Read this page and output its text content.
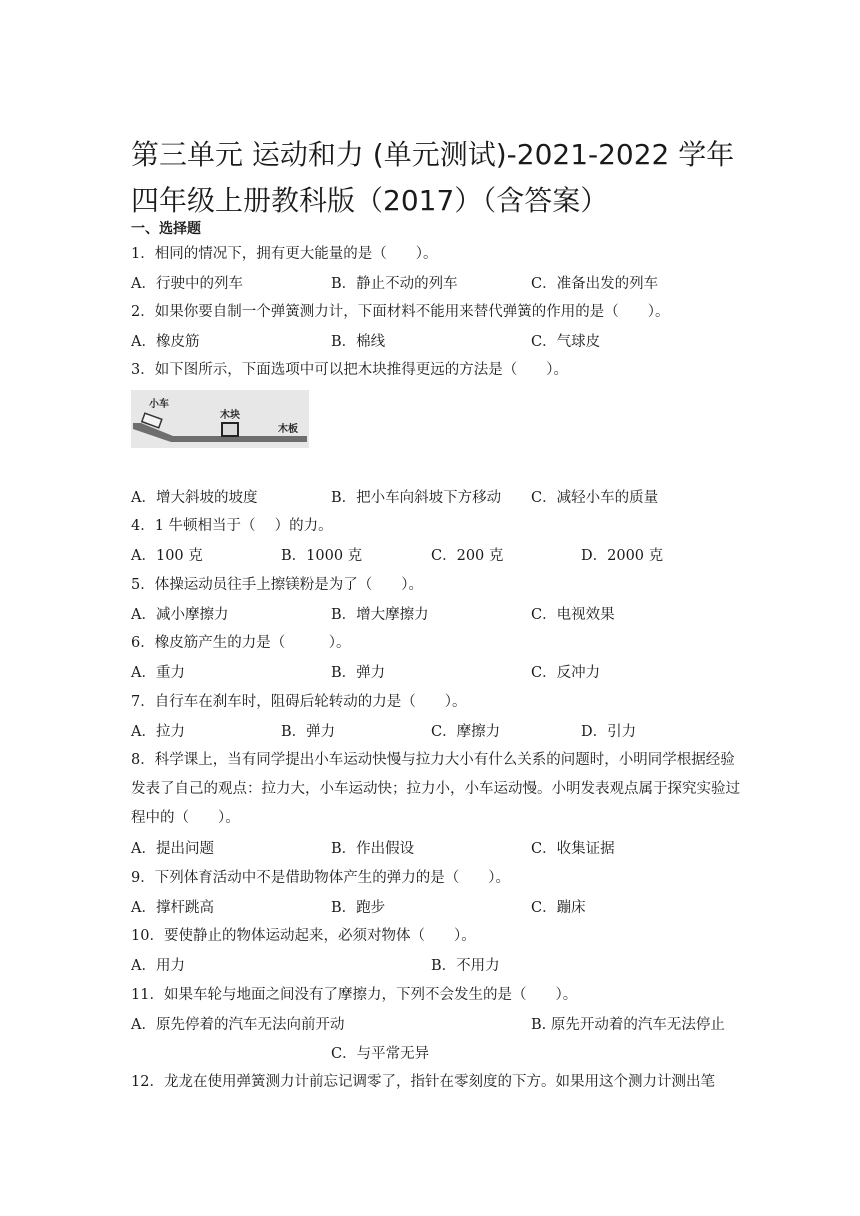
第三单元 运动和力 (单元测试)-2021-2022 学年四年级上册教科版（2017）（含答案）
一、选择题
1．相同的情况下，拥有更大能量的是（　　）。
A．行驶中的列车	B．静止不动的列车	C．准备出发的列车
2．如果你要自制一个弹簧测力计，下面材料不能用来替代弹簧的作用的是（　　）。
A．橡皮筋	B．棉线	C．气球皮
3．如下图所示，下面选项中可以把木块推得更远的方法是（　　）。
小车
木块
木板
A．增大斜坡的坡度	B．把小车向斜坡下方移动 C．减轻小车的质量
4．1 牛顿相当于（　 ）的力。
A．100 克	B．1000 克	C．200 克	D．2000 克
5．体操运动员往手上擦镁粉是为了（　　）。
A．减小摩擦力	B．增大摩擦力	C．电视效果
6．橡皮筋产生的力是（　　　）。
A．重力	B．弹力	C．反冲力
7．自行车在刹车时，阻碍后轮转动的力是（　　）。
A．拉力	B．弹力	C．摩擦力	D．引力
8．科学课上，当有同学提出小车运动快慢与拉力大小有什么关系的问题时，小明同学根据经验发表了自己的观点：拉力大，小车运动快；拉力小，小车运动慢。小明发表观点属于探究实验过程中的（　　）。
A．提出问题	B．作出假设	C．收集证据
9．下列体育活动中不是借助物体产生的弹力的是（　　）。
A．撑杆跳高	B．跑步	C．蹦床
10．要使静止的物体运动起来，必须对物体（　　）。
A．用力	B．不用力
11．如果车轮与地面之间没有了摩擦力，下列不会发生的是（　　）。
A．原先停着的汽车无法向前开动	B. 原先开动着的汽车无法停止
C．与平常无异
12．龙龙在使用弹簧测力计前忘记调零了，指针在零刻度的下方。如果用这个测力计测出笔
